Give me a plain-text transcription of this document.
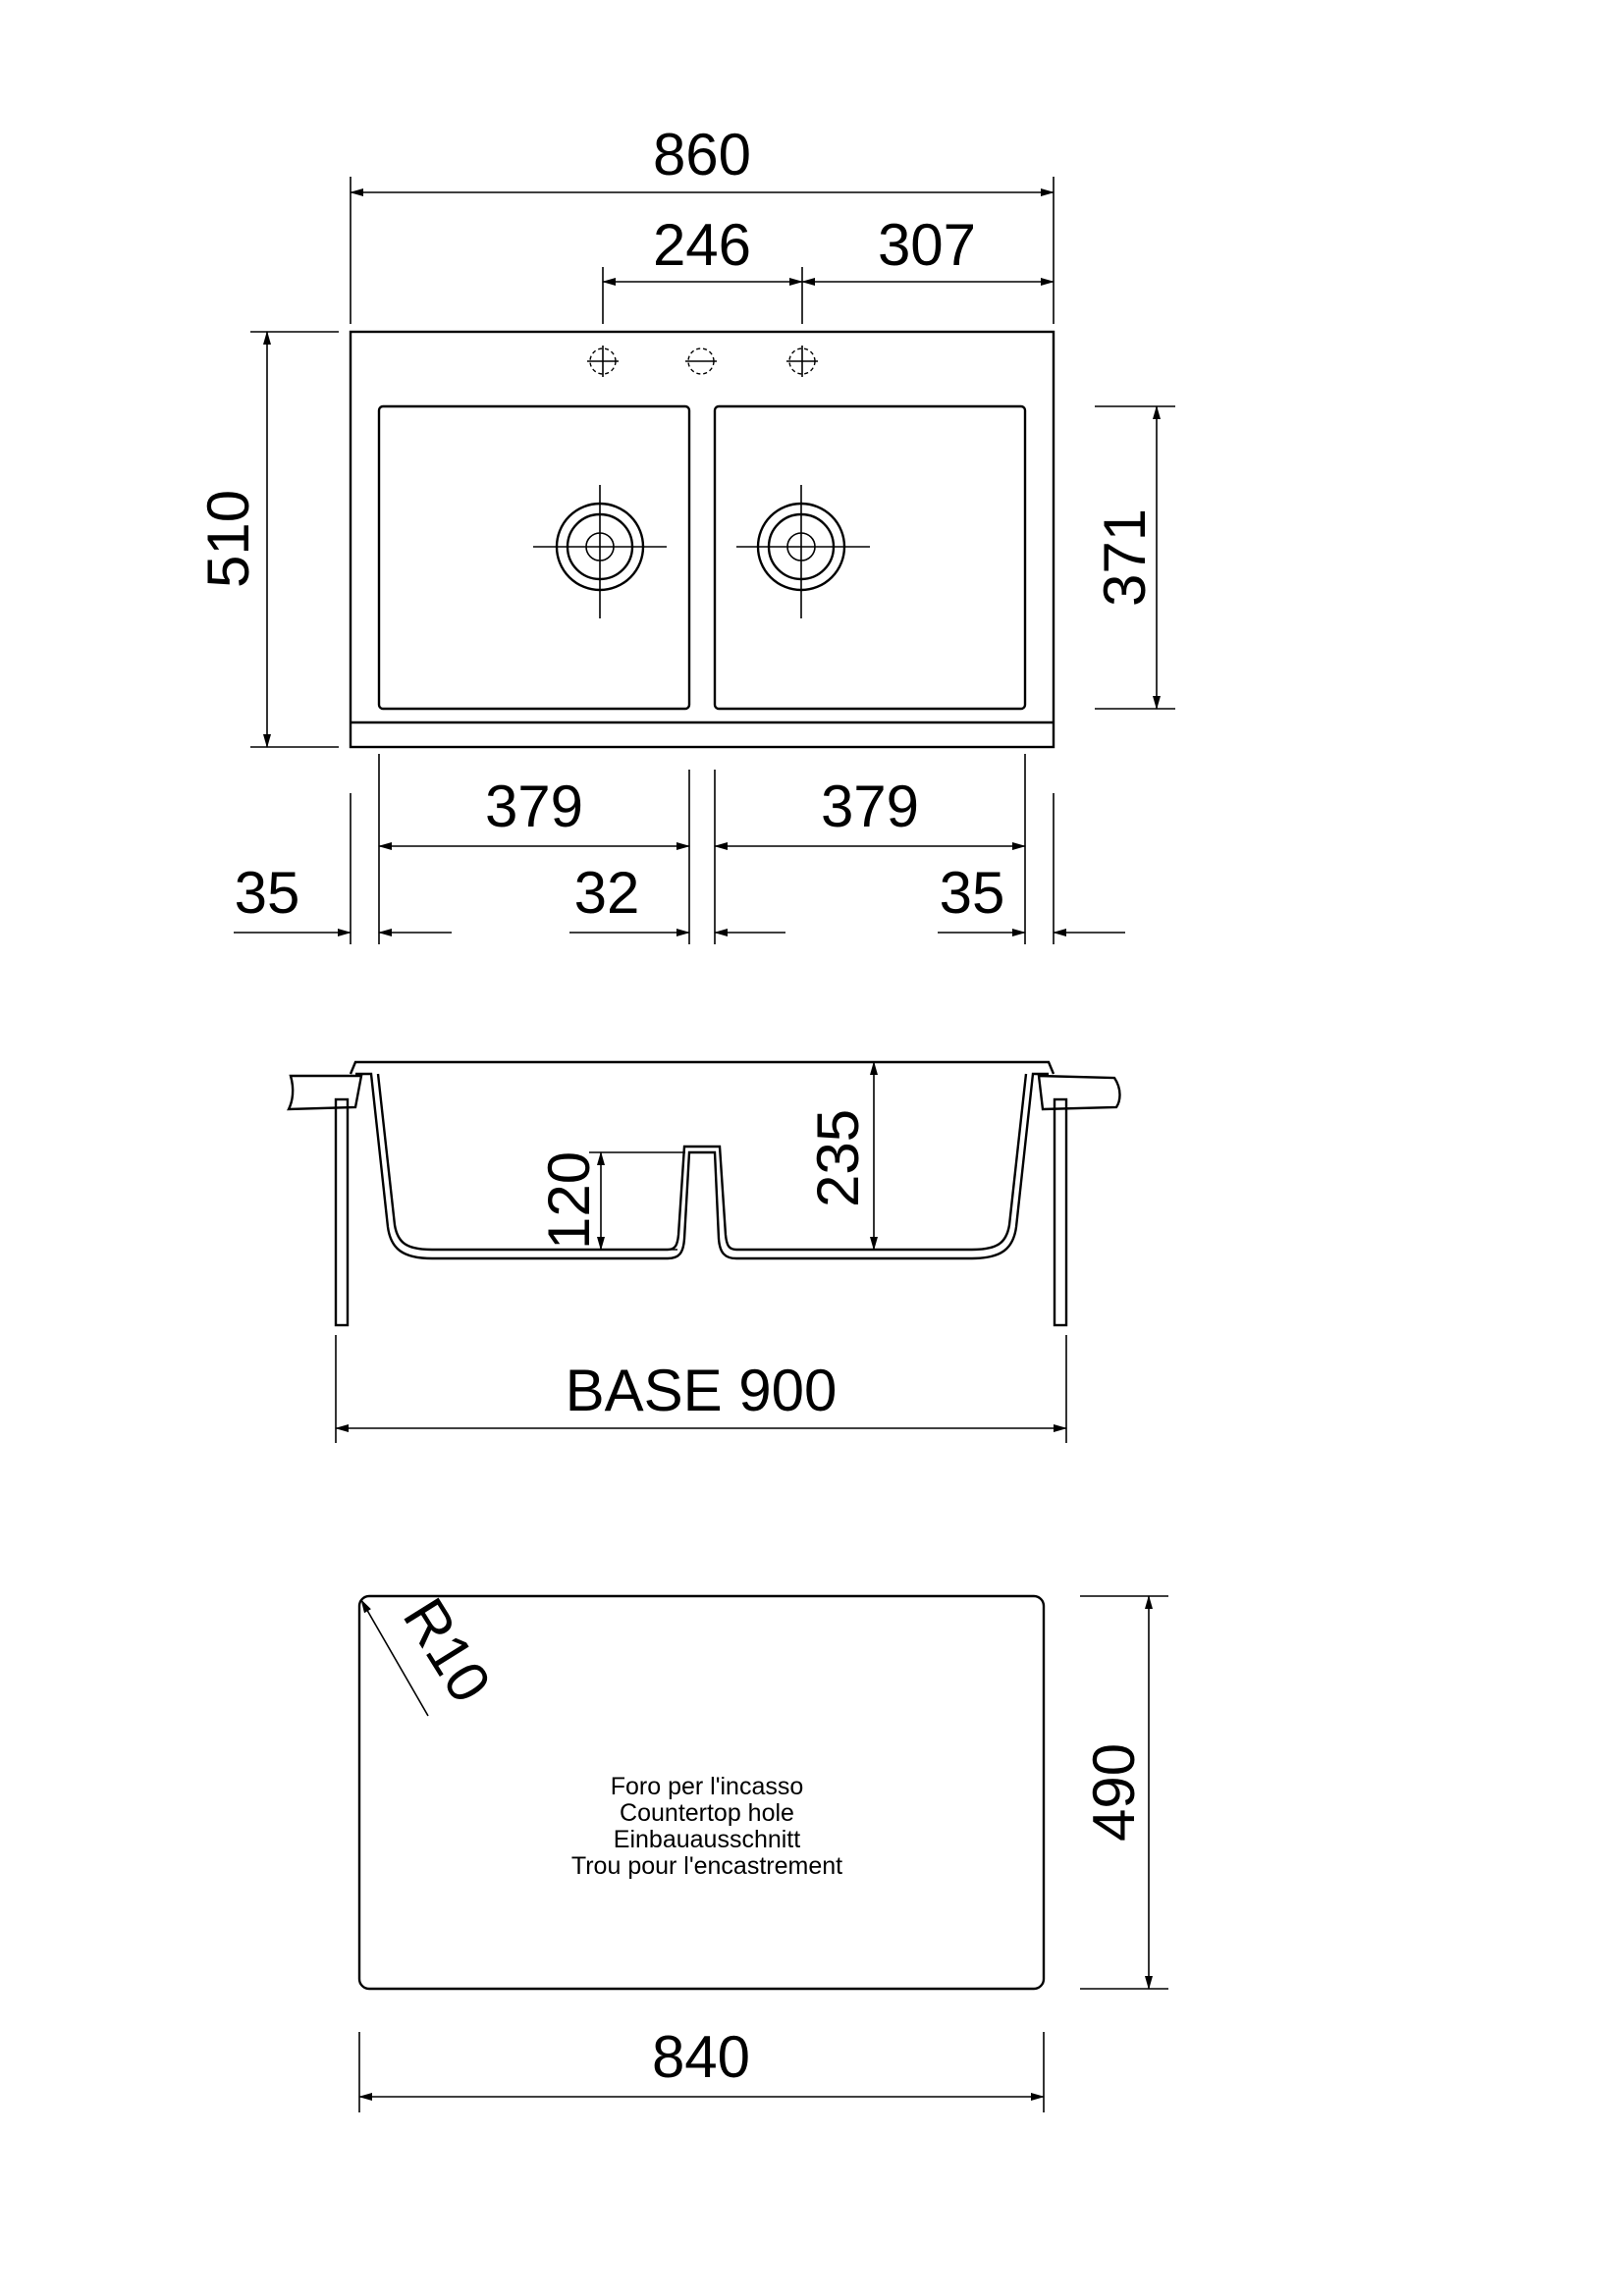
860
246 307
510	371
379	379
35	32	35
120	235
BASE 900
R10
Foro per l'incasso
Countertop hole
Einbauausschnitt
Trou pour l'encastrement
490
840
